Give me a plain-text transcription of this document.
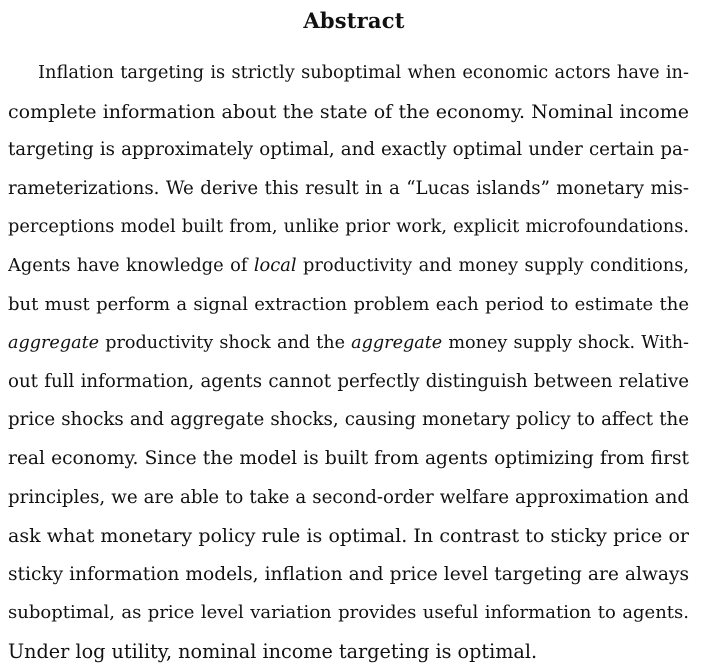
Abstract
Inflation targeting is strictly suboptimal when economic actors have in-
complete information about the state of the economy. Nominal income
targeting is approximately optimal, and exactly optimal under certain pa-
rameterizations. We derive this result in a “Lucas islands” monetary mis-
perceptions model built from, unlike prior work, explicit microfoundations.
Agents have knowledge of local productivity and money supply conditions,
but must perform a signal extraction problem each period to estimate the
aggregate productivity shock and the aggregate money supply shock. With-
out full information, agents cannot perfectly distinguish between relative
price shocks and aggregate shocks, causing monetary policy to affect the
real economy. Since the model is built from agents optimizing from first
principles, we are able to take a second-order welfare approximation and
ask what monetary policy rule is optimal. In contrast to sticky price or
sticky information models, inflation and price level targeting are always
suboptimal, as price level variation provides useful information to agents.
Under log utility, nominal income targeting is optimal.
